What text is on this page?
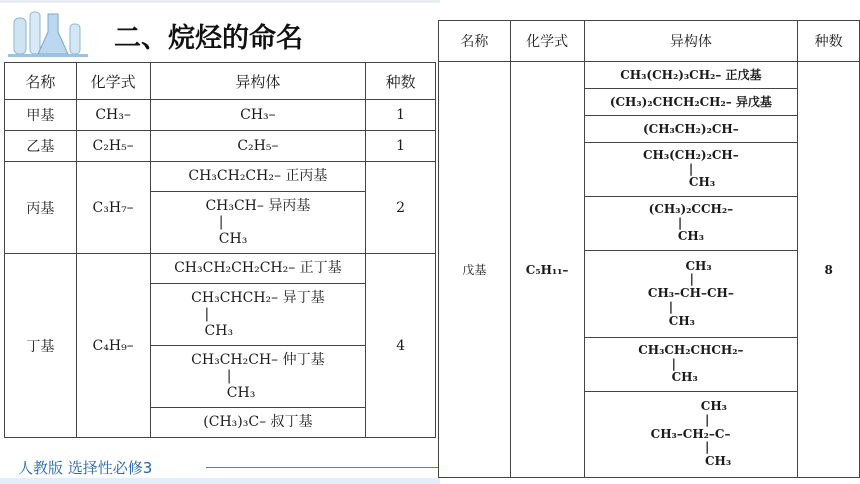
二、烷烃的命名
名称	化学式	异构体	种数
甲基	CH₃–	CH₃–	1
乙基	C₂H₅–	C₂H₅–	1
丙基	C₃H₇–	CH₃CH₂CH₂– 正丙基	2
		CH₃CH– 异丙基
|
CH₃	
丁基	C₄H₉–	CH₃CH₂CH₂CH₂– 正丁基	4
		CH₃CHCH₂– 异丁基
|
CH₃	
		CH₃CH₂CH– 仲丁基
|
CH₃	
		(CH₃)₃C– 叔丁基	
名称	化学式	异构体	种数
戊基	C₅H₁₁–	CH₃(CH₂)₃CH₂– 正戊基	8
		(CH₃)₂CHCH₂CH₂– 异戊基	
		(CH₃CH₂)₂CH–	
		CH₃(CH₂)₂CH–
|
CH₃	
		(CH₃)₂CCH₂–
|
CH₃	
		CH₃
|
CH₃–CH–CH–
|
CH₃	
		CH₃CH₂CHCH₂–
|
CH₃	
		CH₃
|
CH₃–CH₂–C–
|
CH₃	
人教版 选择性必修3
